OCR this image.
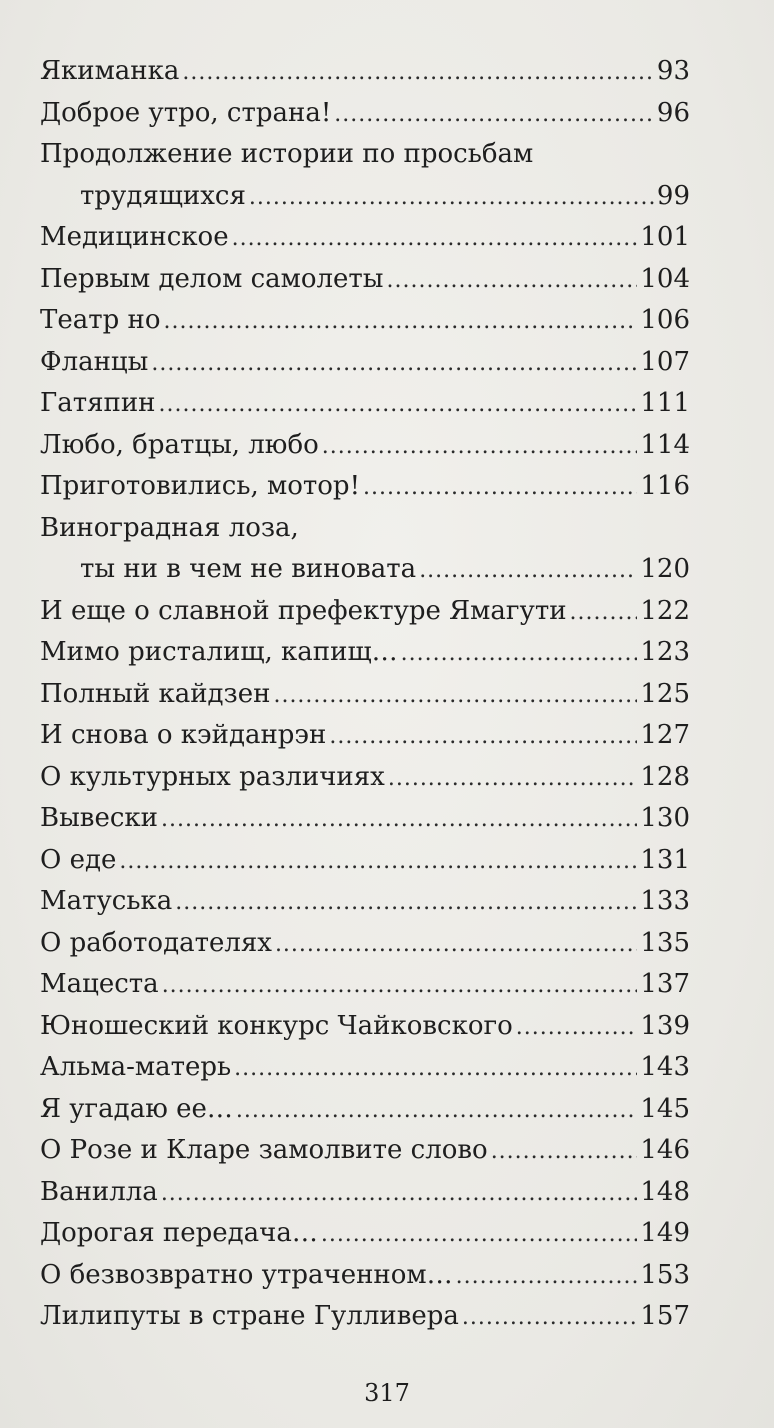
Якиманка .....	93
Доброе утро, страна! .....	96
Продолжение истории по просьбам
трудящихся .....	99
Медицинское .....	101
Первым делом самолеты .....	104
Театр но .....	106
Фланцы .....	107
Гатяпин .....	111
Любо, братцы, любо .....	114
Приготовились, мотор! .....	116
Виноградная лоза,
ты ни в чем не виновата .....	120
И еще о славной префектуре Ямагути .....	122
Мимо ристалищ, капищ… .....	123
Полный кайдзен .....	125
И снова о кэйданрэн .....	127
О культурных различиях .....	128
Вывески .....	130
О еде .....	131
Матуська .....	133
О работодателях .....	135
Мацеста .....	137
Юношеский конкурс Чайковского .....	139
Альма-матерь .....	143
Я угадаю ее… .....	145
О Розе и Кларе замолвите слово .....	146
Ванилла .....	148
Дорогая передача… .....	149
О безвозвратно утраченном… .....	153
Лилипуты в стране Гулливера .....	157
317
